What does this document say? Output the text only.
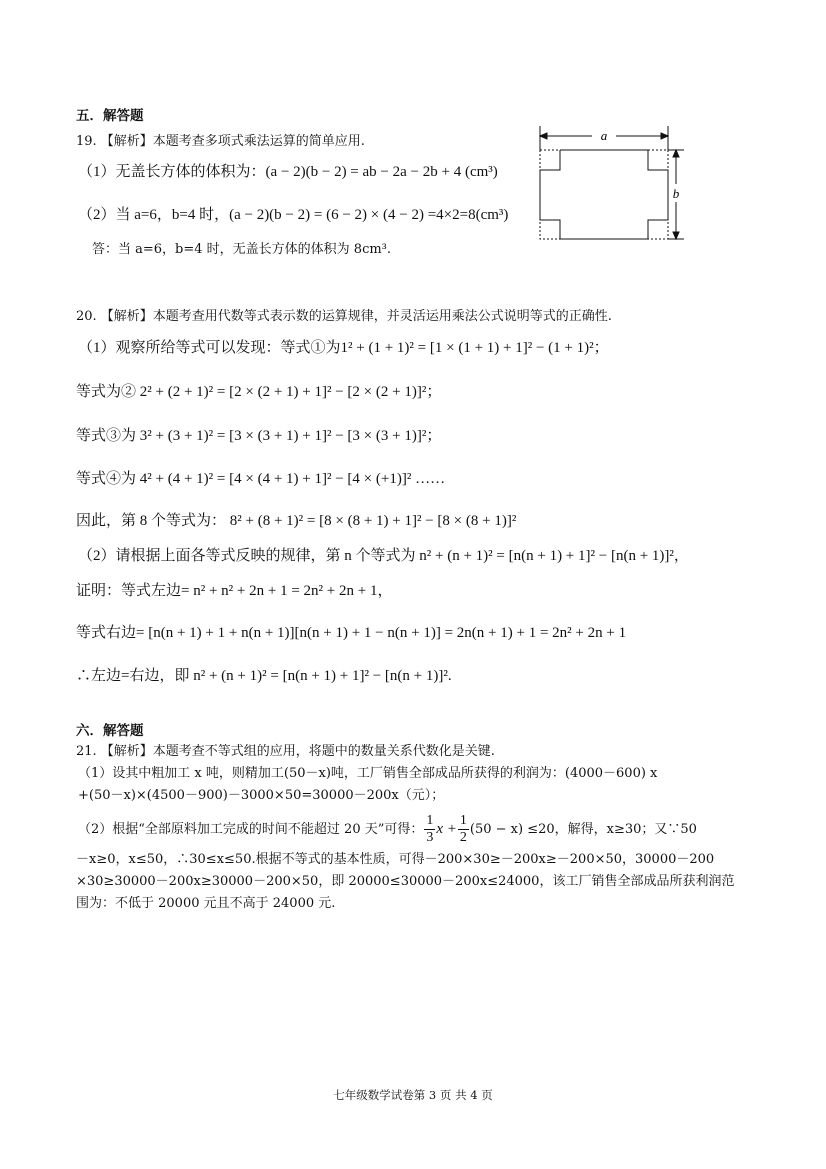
五．解答题
19. 【解析】本题考查多项式乘法运算的简单应用.
（1）无盖长方体的体积为：(a − 2)(b − 2) = ab − 2a − 2b + 4 (cm³)
（2）当 a=6，b=4 时，(a − 2)(b − 2) = (6 − 2) × (4 − 2) =4×2=8(cm³)
答：当 a=6，b=4 时，无盖长方体的体积为 8cm³.
a
b
20. 【解析】本题考查用代数等式表示数的运算规律，并灵活运用乘法公式说明等式的正确性.
（1）观察所给等式可以发现：等式①为1² + (1 + 1)² = [1 × (1 + 1) + 1]² − (1 + 1)²；
等式为② 2² + (2 + 1)² = [2 × (2 + 1) + 1]² − [2 × (2 + 1)]²；
等式③为 3² + (3 + 1)² = [3 × (3 + 1) + 1]² − [3 × (3 + 1)]²；
等式④为 4² + (4 + 1)² = [4 × (4 + 1) + 1]² − [4 × (+1)]² ……
因此，第 8 个等式为： 8² + (8 + 1)² = [8 × (8 + 1) + 1]² − [8 × (8 + 1)]²
（2）请根据上面各等式反映的规律，第 n 个等式为 n² + (n + 1)² = [n(n + 1) + 1]² − [n(n + 1)]²，
证明：等式左边= n² + n² + 2n + 1 = 2n² + 2n + 1，
等式右边= [n(n + 1) + 1 + n(n + 1)][n(n + 1) + 1 − n(n + 1)] = 2n(n + 1) + 1 = 2n² + 2n + 1
∴左边=右边，即 n² + (n + 1)² = [n(n + 1) + 1]² − [n(n + 1)]².
六．解答题
21. 【解析】本题考查不等式组的应用，将题中的数量关系代数化是关键.
（1）设其中粗加工 x 吨，则精加工(50－x)吨，工厂销售全部成品所获得的利润为：(4000－600) x
+(50－x)×(4500－900)－3000×50=30000－200x（元）；
（2）根据“全部原料加工完成的时间不能超过 20 天”可得： $\frac{1}{3}$ $x + \frac{1}{2} (50 - x) \le 20$，解得，x≥30；又∵50
－x≥0，x≤50，∴30≤x≤50.根据不等式的基本性质，可得－200×30≥－200x≥－200×50，30000－200
×30≥30000－200x≥30000－200×50，即 20000≤30000－200x≤24000，该工厂销售全部成品所获利润范
围为：不低于 20000 元且不高于 24000 元.
七年级数学试卷第 3 页 共 4 页
